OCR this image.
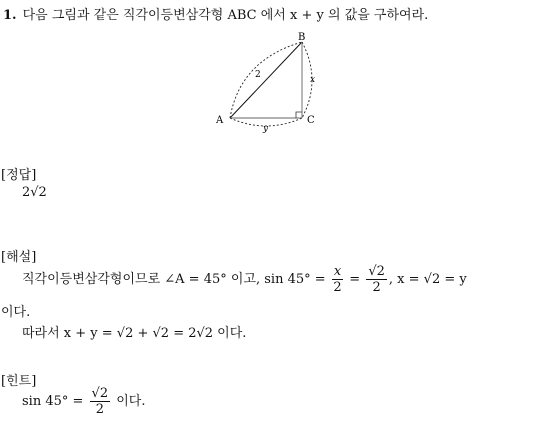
1. 다음 그림과 같은 직각이등변삼각형 ABC 에서 x + y 의 값을 구하여라.
A
B
C
2	x
y
[정답]
2√2
[해설]
직각이등변삼각형이므로 ∠A = 45° 이고, $\sin 45^\circ = \frac{x}{2} = \frac{√2}{2}$ , x = √2 = y
이다.
따라서 x + y = √2 + √2 = 2√2 이다.
[힌트]
$\sin 45^\circ = \frac{√2}{2}$ 이다.
